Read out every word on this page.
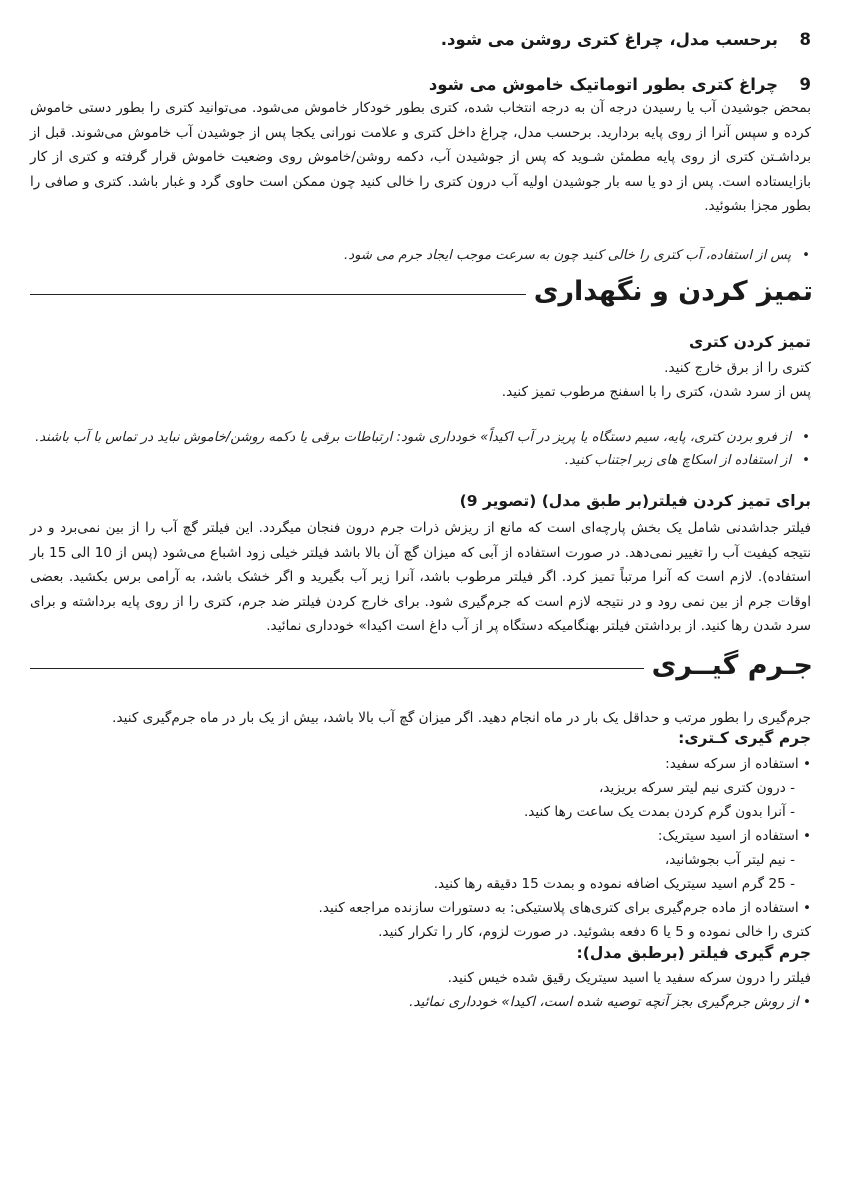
8  برحسب مدل، چراغ کتری روشن می شود.
9  چراغ کتری بطور اتوماتیک خاموش می شود
بمحض جوشیدن آب یا رسیدن درجه آن به درجه انتخاب شده، کتری بطور خودکار خاموش می‌شود. می‌توانید کتری را بطور دستی خاموش کرده و سپس آنرا از روی پایه برداريد. برحسب مدل، چراغ داخل کتری و علامت نورانی یکجا پس از جوشیدن آب خاموش می‌شوند. قبل از برداشـتن کتری از روی پايه مطمئن شـوید که پس از جوشیدن آب، دکمه روشن/خاموش روی وضعیت خاموش قرار گرفته و کتری از کار بازایستاده است. پس از دو یا سه بار جوشیدن اولیه آب درون کتری را خالی کنید چون ممکن است حاوی گرد و غبار باشد. کتری و صافی را بطور مجزا بشوئید.
•
پس از استفاده، آب کتری را خالی کنید چون به سرعت موجب ایجاد جرم می شود.
تمیز کردن و نگهداری
تمیز کردن کتری
کتری را از برق خارج کنید.
پس از سرد شدن، کتری را با اسفنج مرطوب تمیز کنید.
•
از فرو بردن کتری، پایه، سیم دستگاه یا پریز در آب اکیداً» خودداری شود: ارتباطات برقی یا دکمه روشن/خاموش نباید در تماس با آب باشند.
•
از استفاده از اسکاچ های زبر اجتناب کنید.
برای تمیز کردن فیلتر(بر طبق مدل) (تصویر 9)
فیلتر جداشدنی شامل یک بخش پارچه‌ای است که مانع از ریزش ذرات جرم درون فنجان میگردد. این فیلتر گچ آب را از بین نمی‌برد و در نتیجه کیفیت آب را تغییر نمی‌دهد. در صورت استفاده از آبی که میزان گچ آن بالا باشد فیلتر خیلی زود اشباع می‌شود (پس از 10 الی 15 بار استفاده). لازم است که آنرا مرتباً تمیز کرد. اگر فیلتر مرطوب باشد، آنرا زیر آب بگیرید و اگر خشک باشد، به آرامی برس بکشید. بعضی اوقات جرم از بین نمی رود و در نتیجه لازم است که جرم‌گیری شود. برای خارج کردن فیلتر ضد جرم، کتری را از روی پایه برداشته و برای سرد شدن رها کنید. از برداشتن فیلتر بهنگامیکه دستگاه پر از آب داغ است اکیدا» خودداری نمائید.
جـرم گیــری
جرم‌گیری را بطور مرتب و حداقل یک بار در ماه انجام دهید. اگر میزان گچ آب بالا باشد، بیش از یک بار در ماه جرم‌گیری کنید.
جرم گیری کـتری:
• استفاده از سرکه سفید:
- درون کتری نیم لیتر سرکه بریزید،
- آنرا بدون گرم کردن بمدت یک ساعت رها کنید.
• استفاده از اسید سیتریک:
- نیم لیتر آب بجوشانید،
- 25 گرم اسید سیتریک اضافه نموده و بمدت 15 دقیقه رها کنید.
• استفاده از ماده جرم‌گیری برای کتری‌های پلاستیکی: به دستورات سازنده مراجعه کنید.
کتری را خالی نموده و 5 یا 6 دفعه بشوئید. در صورت لزوم، کار را تکرار کنید.
جرم گیری فیلتر (برطبق مدل):
فیلتر را درون سرکه سفید یا اسید سیتریک رقیق شده خیس کنید.
• از روش جرم‌گیری بجز آنچه توصیه شده است، اکیدا» خودداری نمائید.
